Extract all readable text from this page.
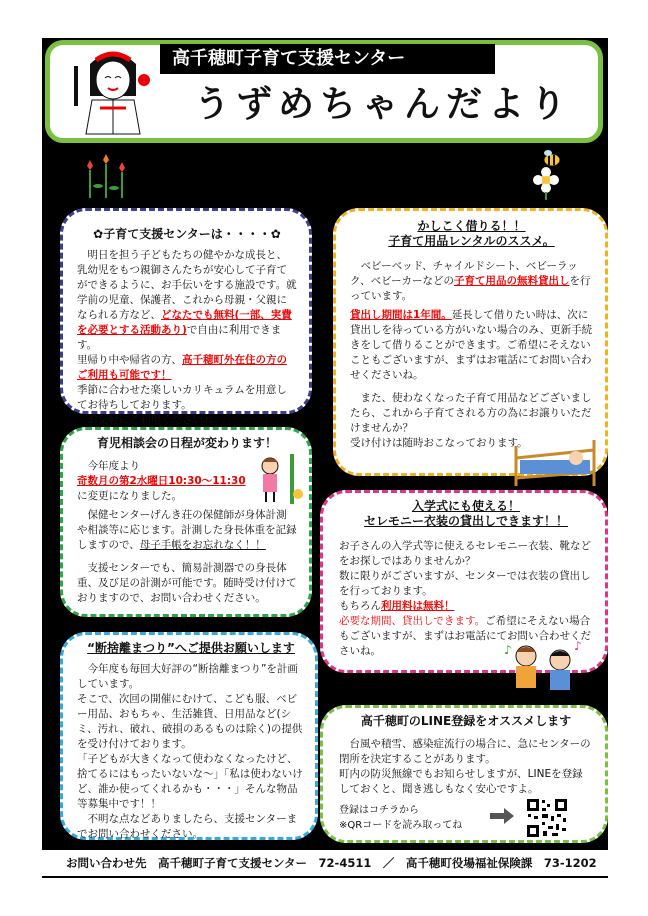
高千穂町子育て支援センター
うずめちゃんだより
✿子育て支援センターは・・・・✿
　明日を担う子どもたちの健やかな成長と、乳幼児をもつ親御さんたちが安心して子育てができるように、お手伝いをする施設です。就学前の児童、保護者、これから母親・父親になられる方など、どなたでも無料(一部、実費を必要とする活動あり)で自由に利用できます。
里帰り中や帰省の方、高千穂町外在住の方のご利用も可能です！
季節に合わせた楽しいカリキュラムを用意してお待ちしております。
　お気軽にご利用くださいね。
かしこく借りる！！
子育て用品レンタルのススメ。
　ベビーベッド、チャイルドシート、ベビーラック、ベビーカーなどの子育て用品の無料貸出しを行っています。
貸出し期間は1年間。延長して借りたい時は、次に貸出しを待っている方がいない場合のみ、更新手続きをして借りることができます。ご希望にそえないこともございますが、まずはお電話にてお問い合わせくださいね。
　また、使わなくなった子育て用品などございましたら、これから子育てされる方の為にお譲りいただけませんか？
受け付けは随時おこなっております。
育児相談会の日程が変わります！
　今年度より
奇数月の第2水曜日10:30～11:30
に変更になりました。
　保健センターげんき荘の保健師が身体計測や相談等に応じます。計測した身長体重を記録しますので、母子手帳をお忘れなく！！
　支援センターでも、簡易計測器での身長体重、及び足の計測が可能です。随時受け付けておりますので、お問い合わせください。
入学式にも使える！
セレモニー衣装の貸出しできます！！
お子さんの入学式等に使えるセレモニー衣装、靴などをお探しではありませんか？
数に限りがございますが、センターでは衣装の貸出しを行っております。
もちろん利用料は無料！
必要な期間、貸出しできます。ご希望にそえない場合もございますが、まずはお電話にてお問い合わせくださいね。
“断捨離まつり”へご提供お願いします
　今年度も毎回大好評の“断捨離まつり”を計画しています。
そこで、次回の開催にむけて、こども服、ベビー用品、おもちゃ、生活雑貨、日用品など(シミ、汚れ、破れ、破損のあるものは除く)の提供を受け付けております。
「子どもが大きくなって使わなくなったけど、捨てるにはもったいないな～」「私は使わないけど、誰か使ってくれるかも・・・」そんな物品等募集中です！！
　不明な点などありましたら、支援センターまでお問い合わせください。
♪	♪
高千穂町のLINE登録をオススメします
　台風や積雪、感染症流行の場合に、急にセンターの閉所を決定することがあります。
町内の防災無線でもお知らせしますが、LINEを登録しておくと、聞き逃しもなく安心ですよ。
登録はコチラから
※QRコードを読み取ってね
お問い合わせ先　高千穂町子育て支援センター　72-4511　／　高千穂町役場福祉保険課　73-1202
